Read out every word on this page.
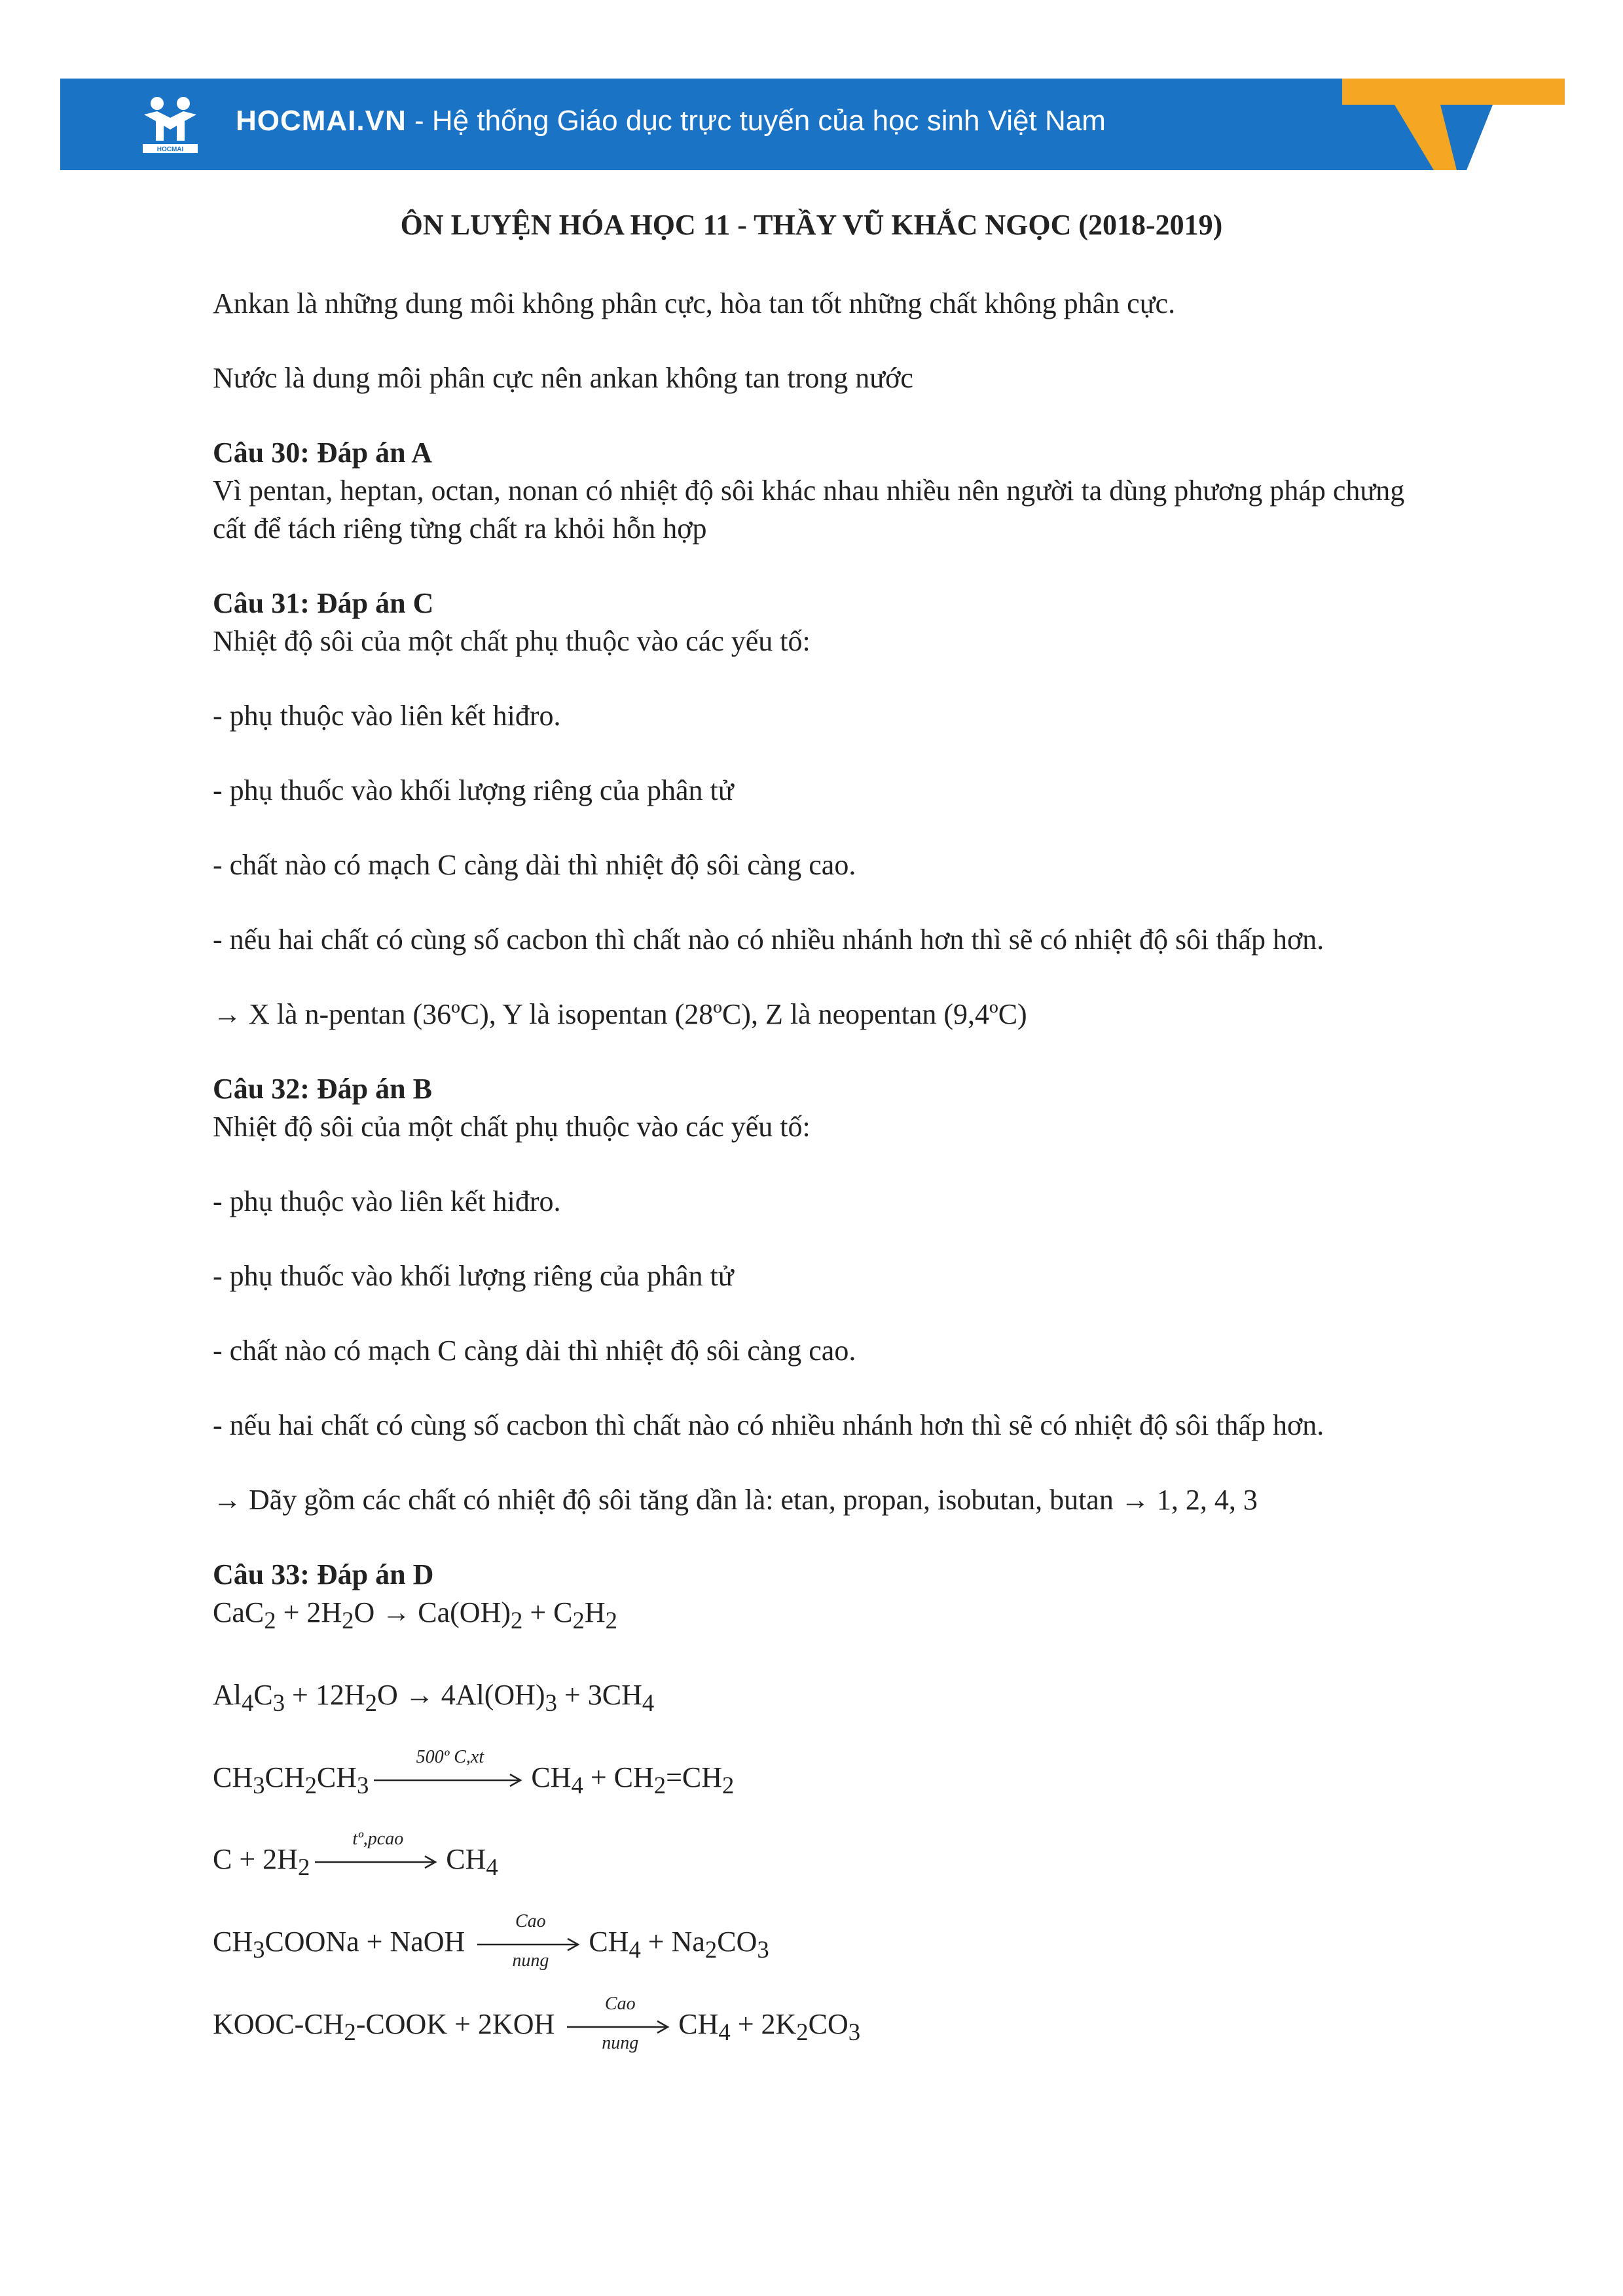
HOCMAI
HOCMAI.VN - Hệ thống Giáo dục trực tuyến của học sinh Việt Nam
ÔN LUYỆN HÓA HỌC 11 - THẦY VŨ KHẮC NGỌC (2018-2019)

Ankan là những dung môi không phân cực, hòa tan tốt những chất không phân cực.

Nước là dung môi phân cực nên ankan không tan trong nước

Câu 30: Đáp án A

Vì pentan, heptan, octan, nonan có nhiệt độ sôi khác nhau nhiều nên người ta dùng phương pháp chưng cất để tách riêng từng chất ra khỏi hỗn hợp

Câu 31: Đáp án C

Nhiệt độ sôi của một chất phụ thuộc vào các yếu tố:

- phụ thuộc vào liên kết hiđro.

- phụ thuốc vào khối lượng riêng của phân tử

- chất nào có mạch C càng dài thì nhiệt độ sôi càng cao.

- nếu hai chất có cùng số cacbon thì chất nào có nhiều nhánh hơn thì sẽ có nhiệt độ sôi thấp hơn.

→ X là n-pentan (36ºC), Y là isopentan (28ºC), Z là neopentan (9,4ºC)

Câu 32: Đáp án B

Nhiệt độ sôi của một chất phụ thuộc vào các yếu tố:

- phụ thuộc vào liên kết hiđro.

- phụ thuốc vào khối lượng riêng của phân tử

- chất nào có mạch C càng dài thì nhiệt độ sôi càng cao.

- nếu hai chất có cùng số cacbon thì chất nào có nhiều nhánh hơn thì sẽ có nhiệt độ sôi thấp hơn.

→ Dãy gồm các chất có nhiệt độ sôi tăng dần là: etan, propan, isobutan, butan → 1, 2, 4, 3

Câu 33: Đáp án D

$CaC_2 + 2H_2O \to Ca(OH)_2 + C_2H_2$

$Al_4C_3 + 12H_2O \to 4Al(OH)_3 + 3CH_4$

$CH_3CH_2CH_3$
500º C,xt
$CH_4 + CH_2=CH_2$

$C + 2H_2$
tº,pcao
$CH_4$

$CH_3COONa$ + NaOH
Cao
nung
$CH_4 + Na_2CO_3$

KOOC-$CH_2$-COOK + 2KOH
Cao
nung
$CH_4 + 2K_2CO_3$
